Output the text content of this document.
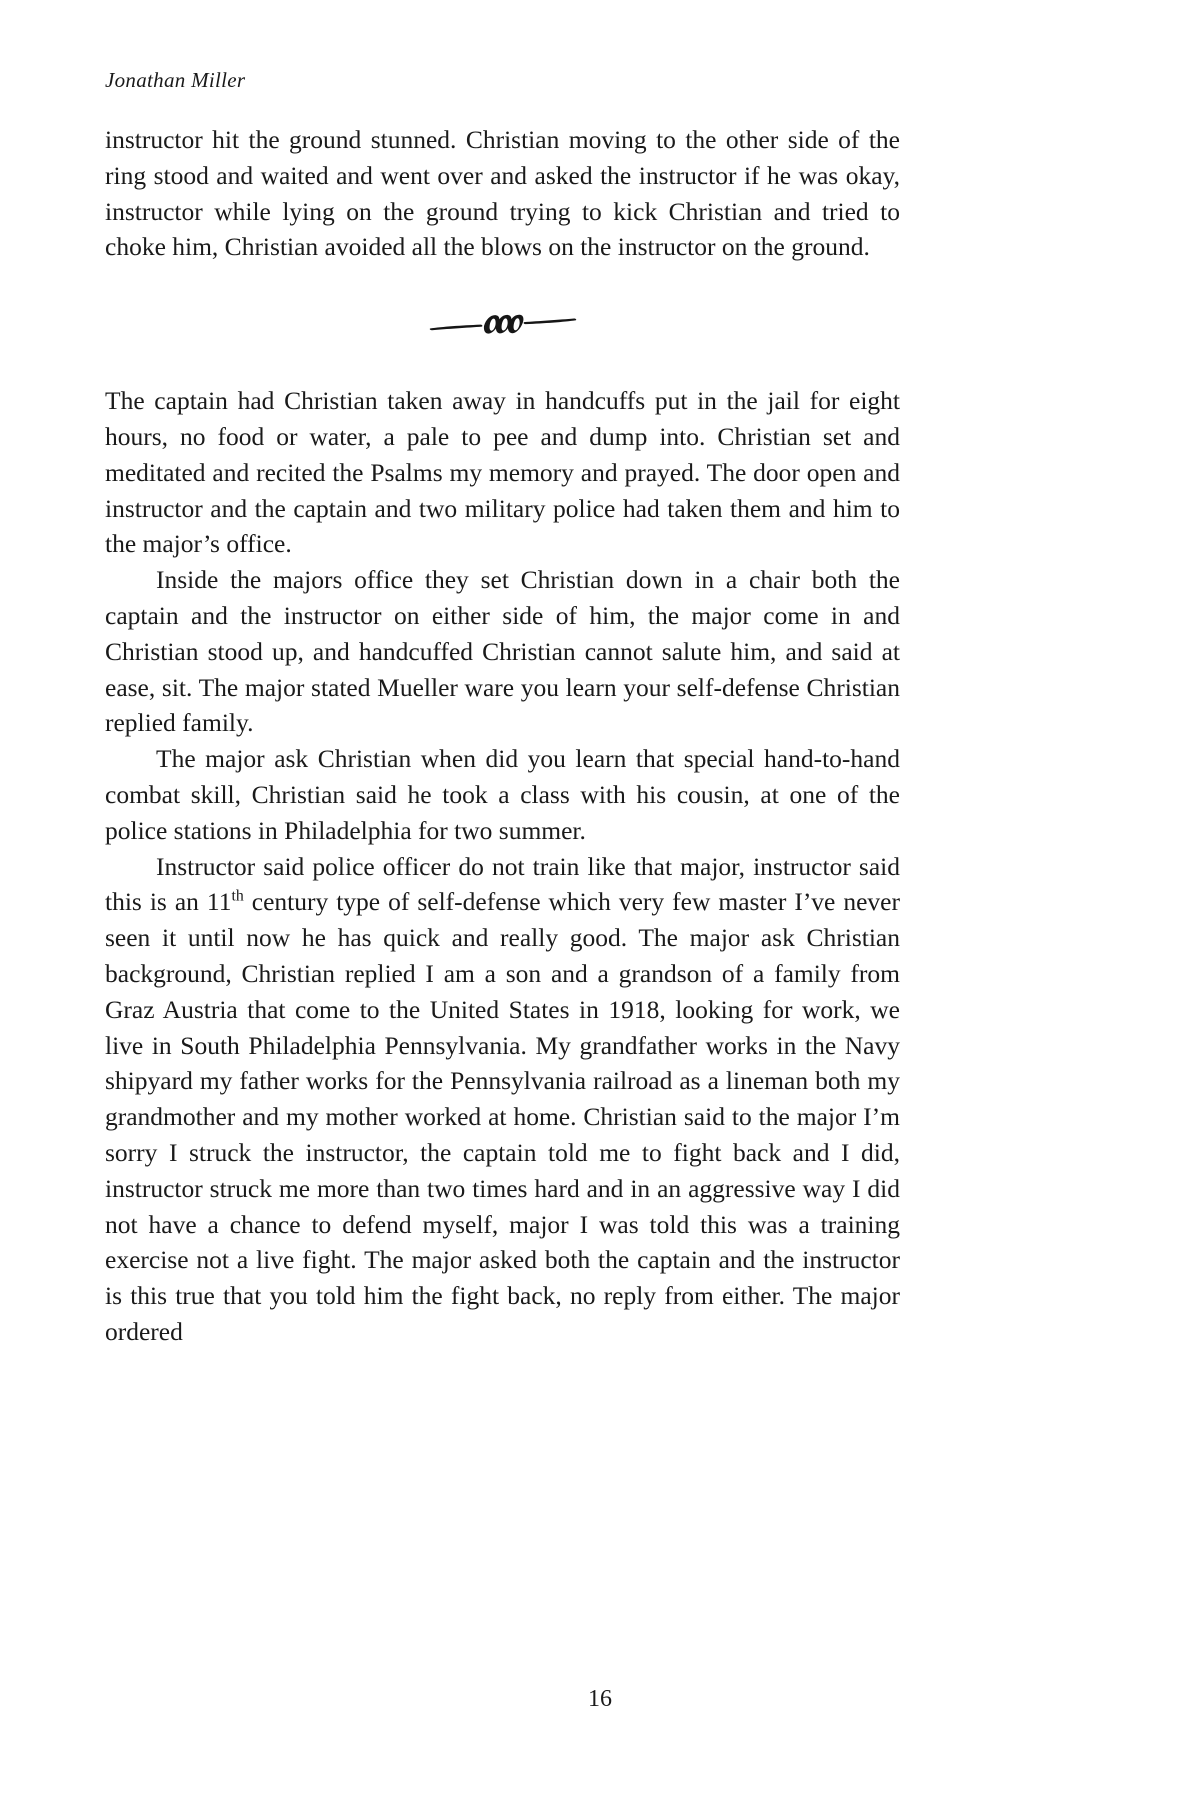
Jonathan Miller

instructor hit the ground stunned. Christian moving to the other side of the ring stood and waited and went over and asked the instructor if he was okay, instructor while lying on the ground trying to kick Christian and tried to choke him, Christian avoided all the blows on the instructor on the ground.

The captain had Christian taken away in handcuffs put in the jail for eight hours, no food or water, a pale to pee and dump into. Christian set and meditated and recited the Psalms my memory and prayed. The door open and instructor and the captain and two military police had taken them and him to the major’s office.

Inside the majors office they set Christian down in a chair both the captain and the instructor on either side of him, the major come in and Christian stood up, and handcuffed Christian cannot salute him, and said at ease, sit. The major stated Mueller ware you learn your self-defense Christian replied family.

The major ask Christian when did you learn that special hand-to-hand combat skill, Christian said he took a class with his cousin, at one of the police stations in Philadelphia for two summer.

Instructor said police officer do not train like that major, instructor said this is an 11th century type of self-defense which very few master I’ve never seen it until now he has quick and really good. The major ask Christian background, Christian replied I am a son and a grandson of a family from Graz Austria that come to the United States in 1918, looking for work, we live in South Philadelphia Pennsylvania. My grandfather works in the Navy shipyard my father works for the Pennsylvania railroad as a lineman both my grandmother and my mother worked at home. Christian said to the major I’m sorry I struck the instructor, the captain told me to fight back and I did, instructor struck me more than two times hard and in an aggressive way I did not have a chance to defend myself, major I was told this was a training exercise not a live fight. The major asked both the captain and the instructor is this true that you told him the fight back, no reply from either. The major ordered

16
